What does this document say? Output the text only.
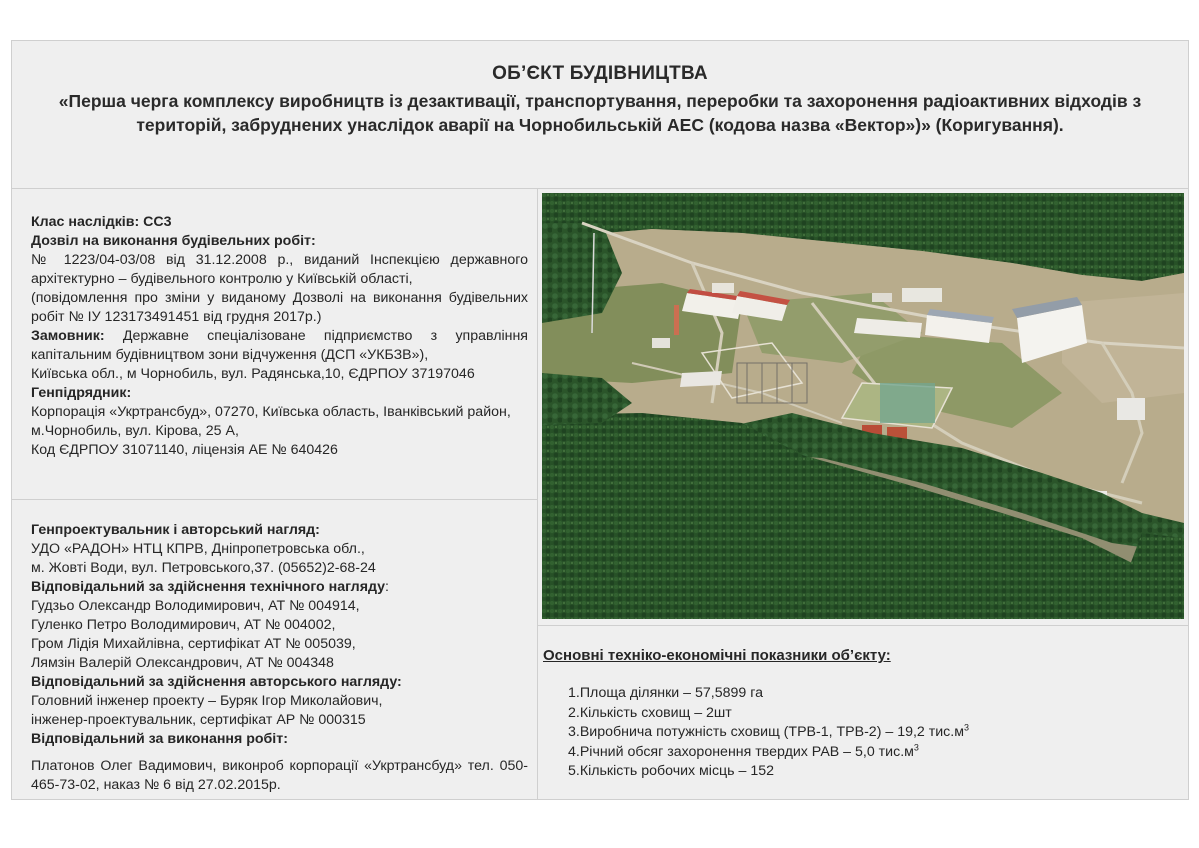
ОБ’ЄКТ БУДІВНИЦТВА
«Перша черга комплексу виробництв із дезактивації, транспортування, переробки та захоронення радіоактивних відходів з територій, забруднених унаслідок аварії на Чорнобильській АЕС (кодова назва «Вектор»)» (Коригування).

Клас наслідків: СС3

Дозвіл на виконання будівельних робіт:

№ 1223/04-03/08 від 31.12.2008 р., виданий Інспекцією державного архітектурно – будівельного контролю у Київській області,

(повідомлення про зміни у виданому Дозволі на виконання будівельних робіт № ІУ 123173491451 від грудня 2017р.)

Замовник: Державне спеціалізоване підприємство з управління капітальним будівництвом зони відчуження (ДСП «УКБЗВ»),

Київська обл., м Чорнобиль, вул. Радянська,10, ЄДРПОУ 37197046

Генпідрядник:

Корпорація «Укртрансбуд», 07270, Київська область, Іванківський район, м.Чорнобиль, вул. Кірова, 25 А,

Код ЄДРПОУ 31071140, ліцензія АЕ № 640426

Генпроектувальник і авторський нагляд:

УДО «РАДОН» НТЦ КПРВ, Дніпропетровська обл.,

м. Жовті Води, вул. Петровського,37. (05652)2-68-24

Відповідальний за здійснення технічного нагляду:

Гудзьо Олександр Володимирович, АТ № 004914,

Гуленко Петро Володимирович, АТ № 004002,

Гром Лідія Михайлівна, сертифікат АТ № 005039,

Лямзін Валерій Олександрович, АТ № 004348

Відповідальний за здійснення авторського нагляду:

Головний інженер проекту – Буряк Ігор Миколайович,

інженер-проектувальник, сертифікат АР № 000315

Відповідальний за виконання робіт:

Платонов Олег Вадимович, виконроб корпорації «Укртрансбуд» тел. 050-465-73-02, наказ № 6 від 27.02.2015р.

Основні техніко-економічні показники об’єкту:
1.Площа ділянки – 57,5899 га
2.Кількість сховищ – 2шт
3.Виробнича потужність сховищ (ТРВ-1, ТРВ-2) – 19,2 $тис.м^3$
4.Річний обсяг захоронення твердих РАВ – 5,0 $тис.м^3$
5.Кількість робочих місць – 152
